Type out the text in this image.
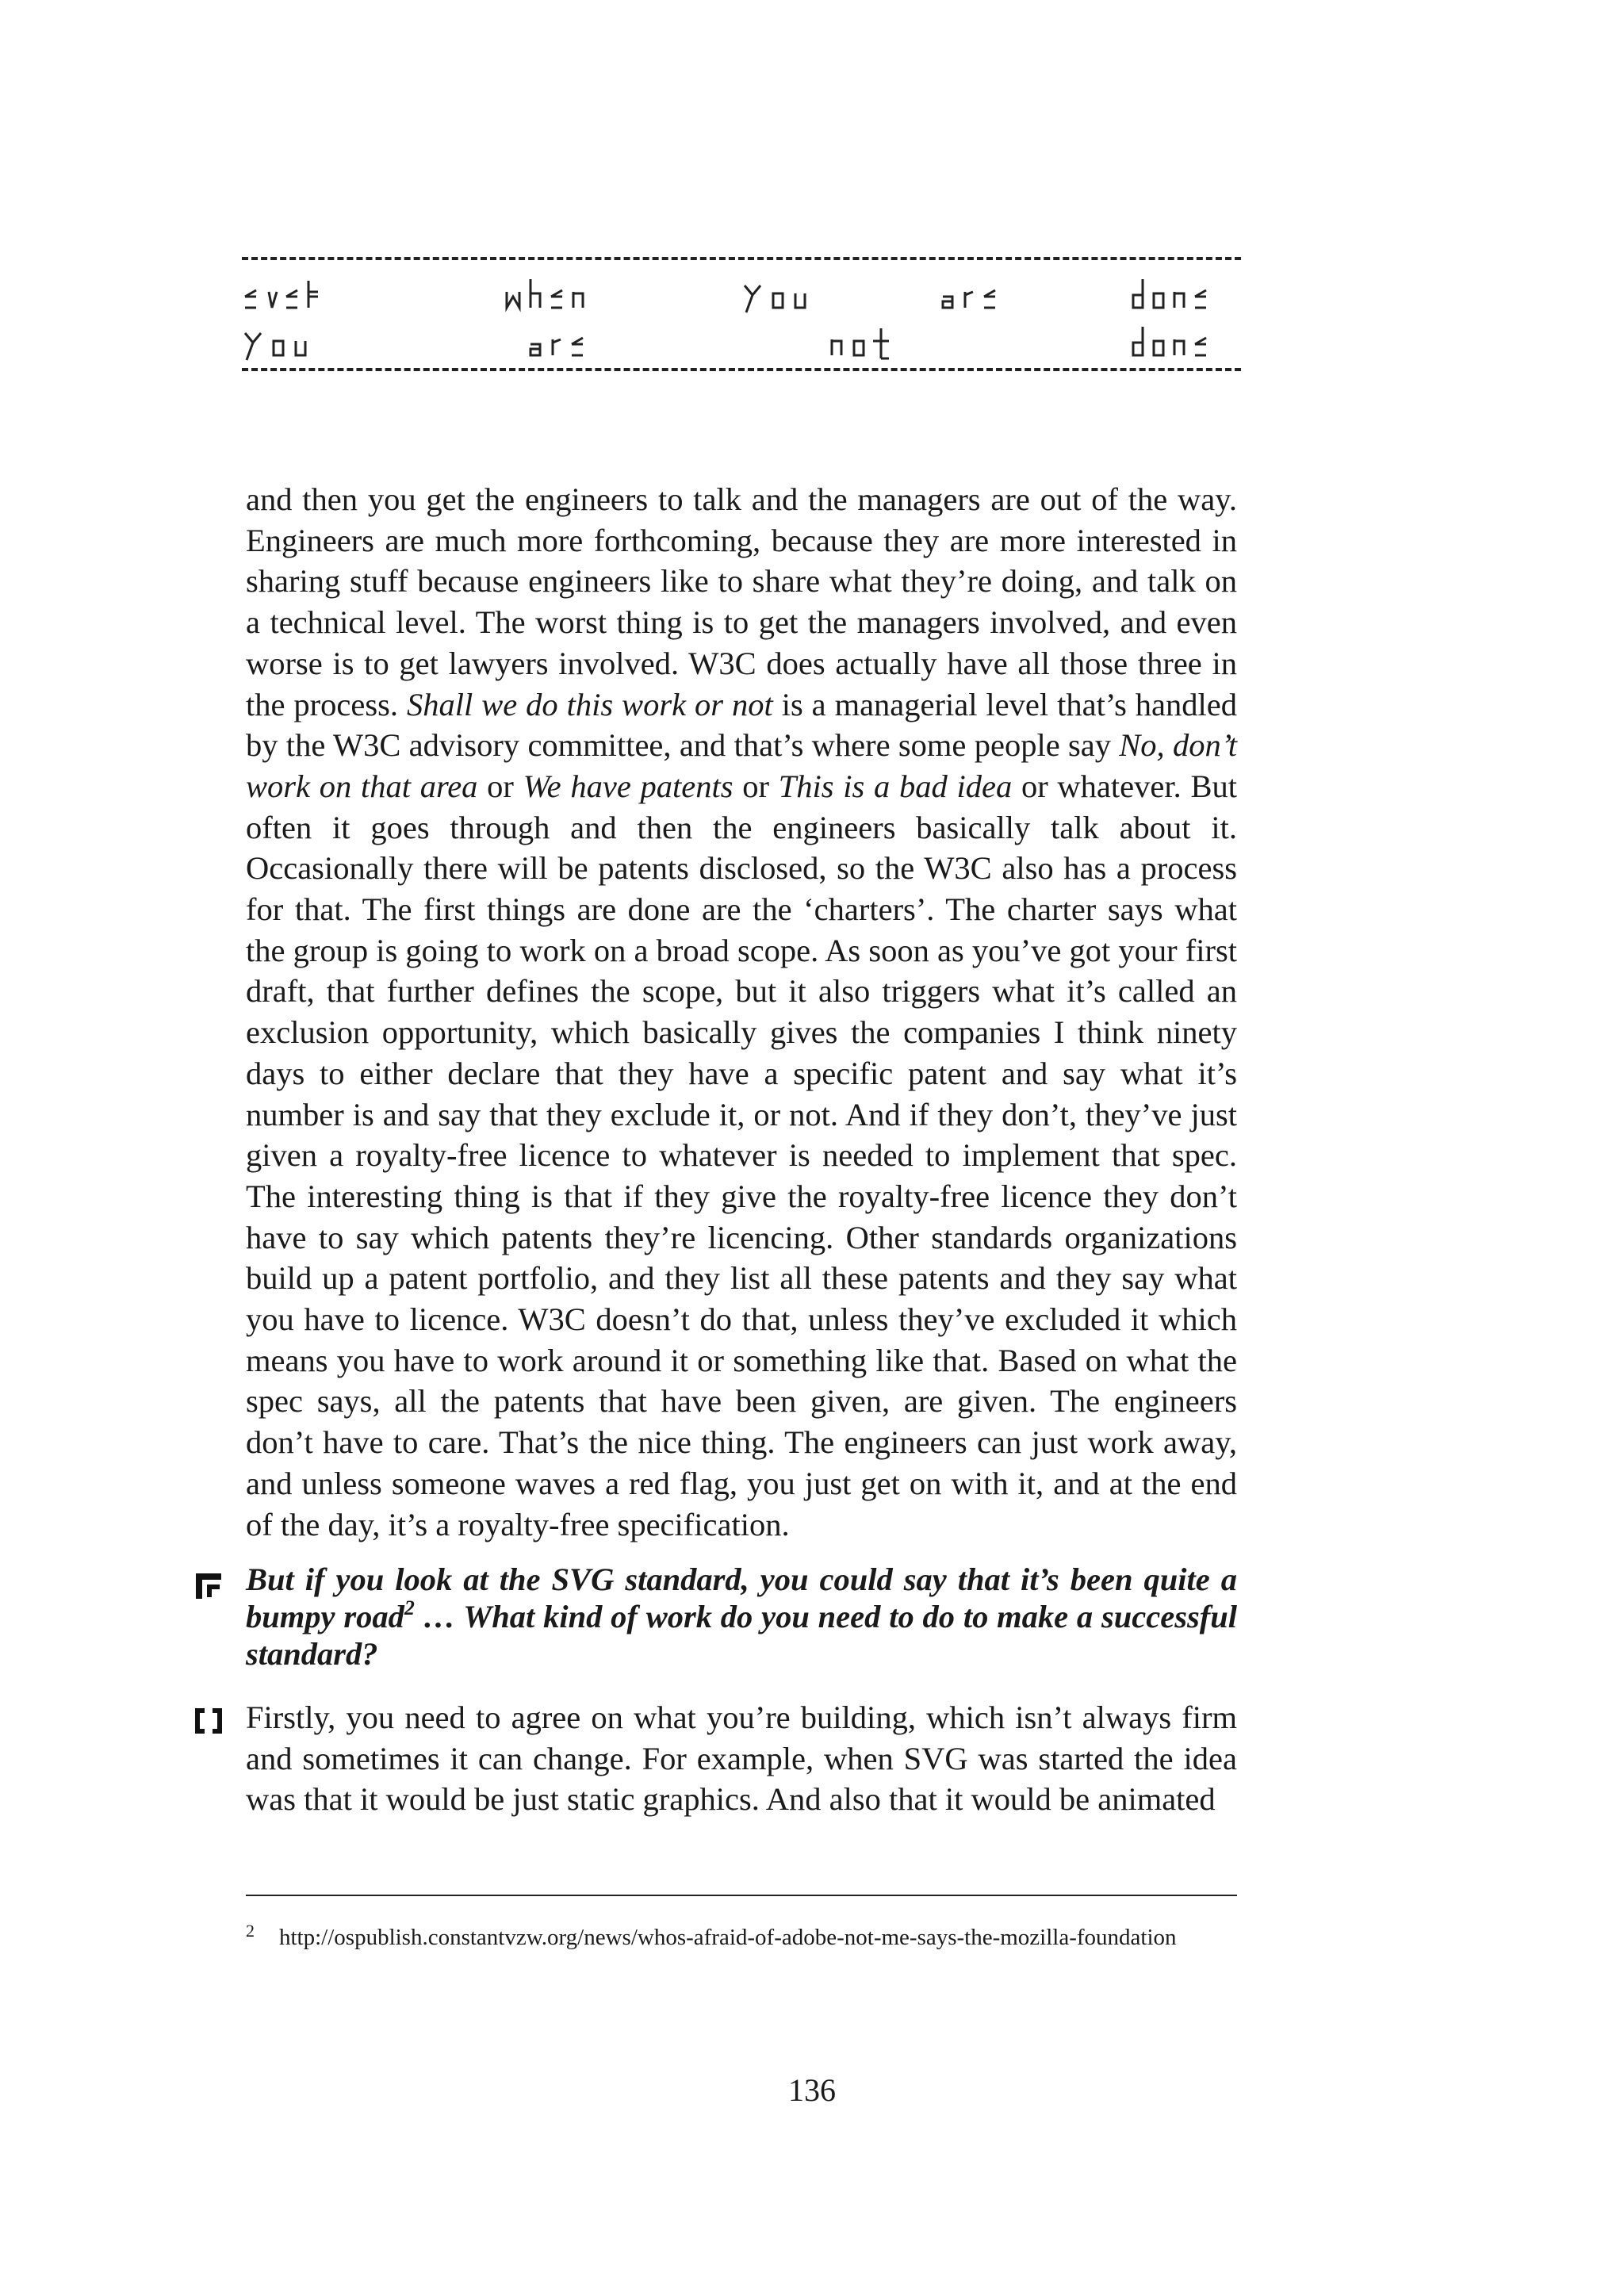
and then you get the engineers to talk and the managers are out of the way. Engineers are much more forthcoming, because they are more interested in sharing stuff because engineers like to share what they’re doing, and talk on a technical level. The worst thing is to get the managers involved, and even worse is to get lawyers involved. W3C does actually have all those three in the process. Shall we do this work or not is a managerial level that’s handled by the W3C advisory committee, and that’s where some people say No, don’t work on that area or We have patents or This is a bad idea or whatever. But often it goes through and then the engineers basically talk about it. Occasionally there will be patents disclosed, so the W3C also has a process for that. The first things are done are the ‘charters’. The charter says what the group is going to work on a broad scope. As soon as you’ve got your first draft, that further defines the scope, but it also triggers what it’s called an exclusion opportunity, which basically gives the companies I think ninety days to either declare that they have a specific patent and say what it’s number is and say that they exclude it, or not. And if they don’t, they’ve just given a royalty-free licence to whatever is needed to implement that spec. The interesting thing is that if they give the royalty-free licence they don’t have to say which patents they’re licencing. Other standards organizations build up a patent portfolio, and they list all these patents and they say what you have to licence. W3C doesn’t do that, unless they’ve excluded it which means you have to work around it or something like that. Based on what the spec says, all the patents that have been given, are given. The engineers don’t have to care. That’s the nice thing. The engineers can just work away, and unless someone waves a red flag, you just get on with it, and at the end of the day, it’s a royalty-free specification.

But if you look at the SVG standard, you could say that it’s been quite a bumpy road$^2$ … What kind of work do you need to do to make a successful standard?

Firstly, you need to agree on what you’re building, which isn’t always firm and sometimes it can change. For example, when SVG was started the idea was that it would be just static graphics. And also that it would be animated

2 http://ospublish.constantvzw.org/news/whos-afraid-of-adobe-not-me-says-the-mozilla-foundation
136
